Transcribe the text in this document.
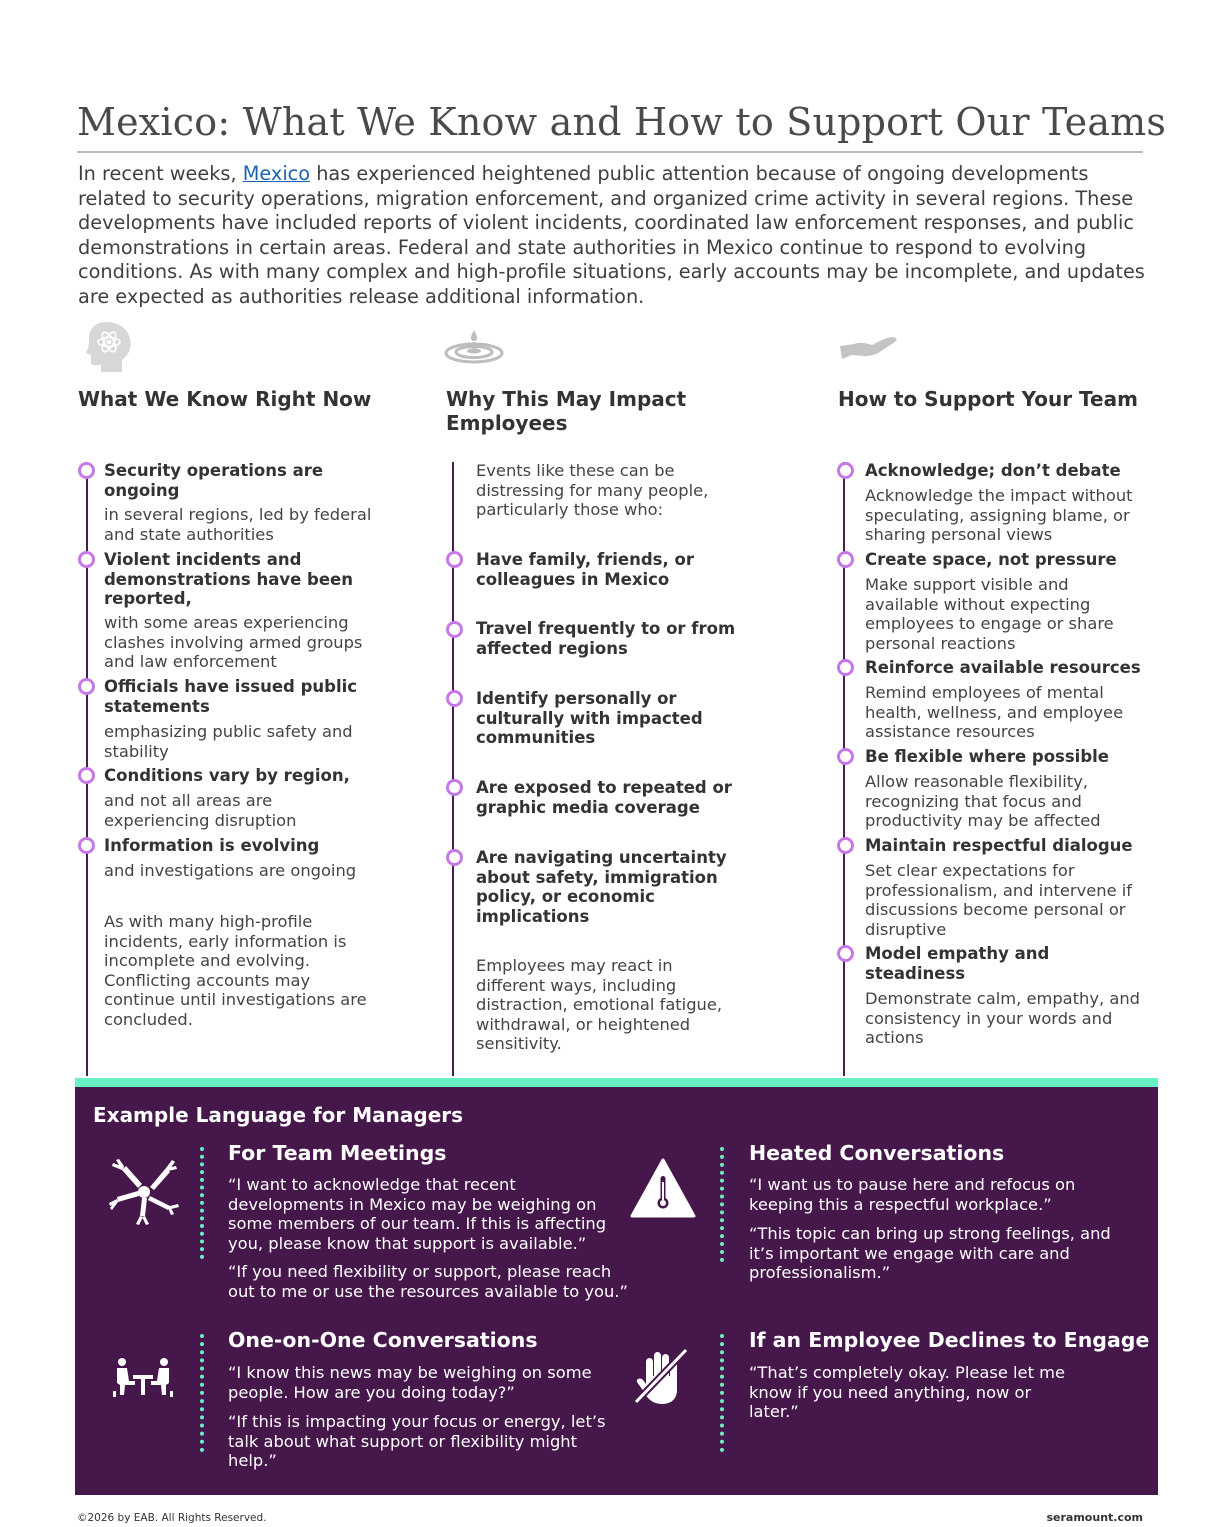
Mexico: What We Know and How to Support Our Teams

In recent weeks, Mexico has experienced heightened public attention because of ongoing developments related to security operations, migration enforcement, and organized crime activity in several regions. These developments have included reports of violent incidents, coordinated law enforcement responses, and public demonstrations in certain areas. Federal and state authorities in Mexico continue to respond to evolving conditions. As with many complex and high-profile situations, early accounts may be incomplete, and updates are expected as authorities release additional information.

What We Know Right Now	Why This May Impact Employees
How to Support Your Team

Security operations are ongoing

in several regions, led by federal and state authorities

Violent incidents and demonstrations have been reported,

with some areas experiencing clashes involving armed groups and law enforcement

Officials have issued public statements

emphasizing public safety and stability

Conditions vary by region,

and not all areas are experiencing disruption

Information is evolving

and investigations are ongoing

As with many high-profile incidents, early information is incomplete and evolving. Conflicting accounts may continue until investigations are concluded.

Events like these can be distressing for many people, particularly those who:

Have family, friends, or colleagues in Mexico

Travel frequently to or from affected regions

Identify personally or culturally with impacted communities

Are exposed to repeated or graphic media coverage

Are navigating uncertainty about safety, immigration policy, or economic implications

Employees may react in different ways, including distraction, emotional fatigue, withdrawal, or heightened sensitivity.

Acknowledge; don’t debate

Acknowledge the impact without speculating, assigning blame, or sharing personal views

Create space, not pressure

Make support visible and available without expecting employees to engage or share personal reactions

Reinforce available resources

Remind employees of mental health, wellness, and employee assistance resources

Be flexible where possible

Allow reasonable flexibility, recognizing that focus and productivity may be affected

Maintain respectful dialogue

Set clear expectations for professionalism, and intervene if discussions become personal or disruptive

Model empathy and steadiness

Demonstrate calm, empathy, and consistency in your words and actions

Example Language for Managers
For Team Meetings

“I want to acknowledge that recent developments in Mexico may be weighing on some members of our team. If this is affecting you, please know that support is available.”

“If you need flexibility or support, please reach out to me or use the resources available to you.”

Heated Conversations

“I want us to pause here and refocus on keeping this a respectful workplace.”

“This topic can bring up strong feelings, and it’s important we engage with care and professionalism.”

One-on-One Conversations

“I know this news may be weighing on some people. How are you doing today?”

“If this is impacting your focus or energy, let’s talk about what support or flexibility might help.”

If an Employee Declines to Engage

“That’s completely okay. Please let me know if you need anything, now or later.”

©2026 by EAB. All Rights Reserved.	seramount.com
